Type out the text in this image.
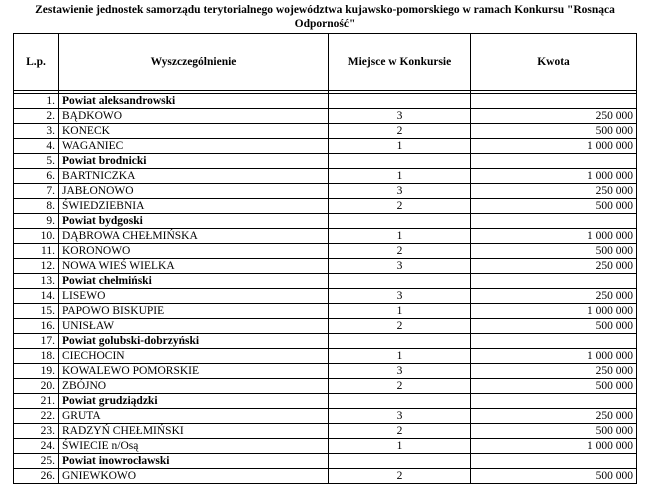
Zestawienie jednostek samorządu terytorialnego województwa kujawsko-pomorskiego w ramach Konkursu "Rosnąca
Odporność"
L.p.	Wyszczególnienie	Miejsce w Konkursie	Kwota

1.	Powiat aleksandrowski		
2.	BĄDKOWO	3	250 000
3.	KONECK	2	500 000
4.	WAGANIEC	1	1 000 000
5.	Powiat brodnicki		
6.	BARTNICZKA	1	1 000 000
7.	JABŁONOWO	3	250 000
8.	ŚWIEDZIEBNIA	2	500 000
9.	Powiat bydgoski		
10.	DĄBROWA CHEŁMIŃSKA	1	1 000 000
11.	KORONOWO	2	500 000
12.	NOWA WIEŚ WIELKA	3	250 000
13.	Powiat chełmiński		
14.	LISEWO	3	250 000
15.	PAPOWO BISKUPIE	1	1 000 000
16.	UNISŁAW	2	500 000
17.	Powiat golubski-dobrzyński		
18.	CIECHOCIN	1	1 000 000
19.	KOWALEWO POMORSKIE	3	250 000
20.	ZBÓJNO	2	500 000
21.	Powiat grudziądzki		
22.	GRUTA	3	250 000
23.	RADZYŃ CHEŁMIŃSKI	2	500 000
24.	ŚWIECIE n/Osą	1	1 000 000
25.	Powiat inowrocławski		
26.	GNIEWKOWO	2	500 000
